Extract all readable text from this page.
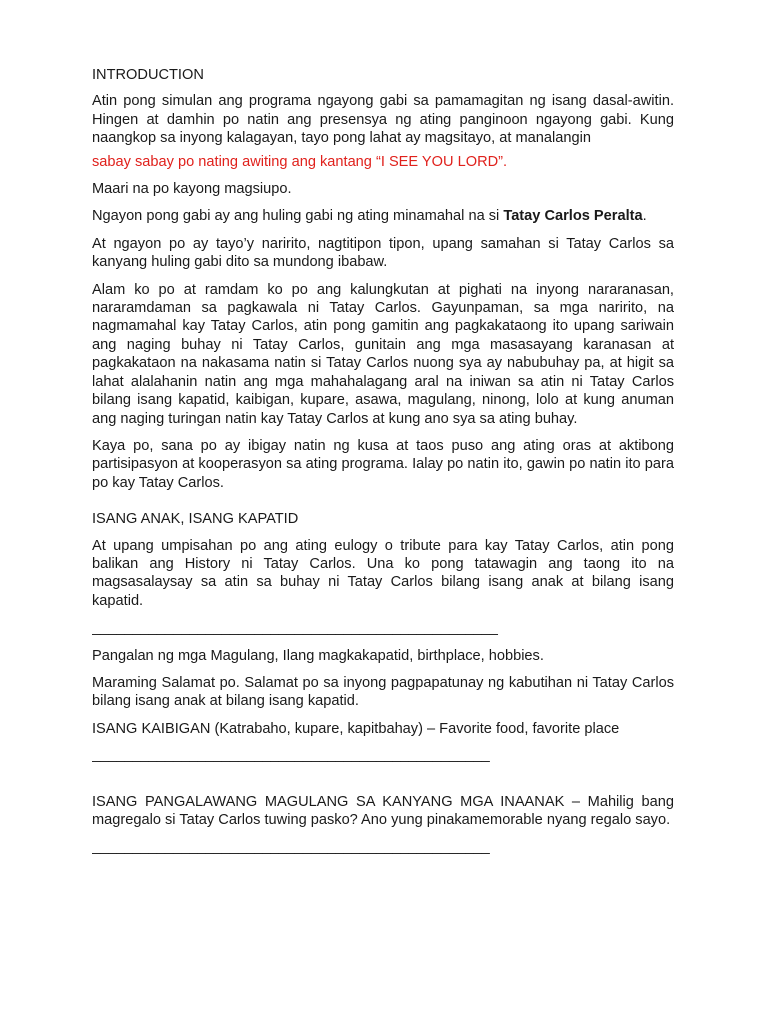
INTRODUCTION

Atin pong simulan ang programa ngayong gabi sa pamamagitan ng isang dasal-awitin. Hingen at damhin po natin ang presensya ng ating panginoon ngayong gabi. Kung naangkop sa inyong kalagayan, tayo pong lahat ay magsitayo, at manalangin

sabay sabay po nating awiting ang kantang “I SEE YOU LORD”.

Maari na po kayong magsiupo.

Ngayon pong gabi ay ang huling gabi ng ating minamahal na si Tatay Carlos Peralta.

At ngayon po ay tayo’y naririto, nagtitipon tipon, upang samahan si Tatay Carlos sa kanyang huling gabi dito sa mundong ibabaw.

Alam ko po at ramdam ko po ang kalungkutan at pighati na inyong nararanasan, nararamdaman sa pagkawala ni Tatay Carlos. Gayunpaman, sa mga naririto, na nagmamahal kay Tatay Carlos, atin pong gamitin ang pagkakataong ito upang sariwain ang naging buhay ni Tatay Carlos, gunitain ang mga masasayang karanasan at pagkakataon na nakasama natin si Tatay Carlos nuong sya ay nabubuhay pa, at higit sa lahat alalahanin natin ang mga mahahalagang aral na iniwan sa atin ni Tatay Carlos bilang isang kapatid, kaibigan, kupare, asawa, magulang, ninong, lolo at kung anuman ang naging turingan natin kay Tatay Carlos at kung ano sya sa ating buhay.

Kaya po, sana po ay ibigay natin ng kusa at taos puso ang ating oras at aktibong partisipasyon at kooperasyon sa ating programa. Ialay po natin ito, gawin po natin ito para po kay Tatay Carlos.

ISANG ANAK, ISANG KAPATID

At upang umpisahan po ang ating eulogy o tribute para kay Tatay Carlos, atin pong balikan ang History ni Tatay Carlos. Una ko pong tatawagin ang taong ito na magsasalaysay sa atin sa buhay ni Tatay Carlos bilang isang anak at bilang isang kapatid.

__________________________________________________

Pangalan ng mga Magulang, Ilang magkakapatid, birthplace, hobbies.

Maraming Salamat po. Salamat po sa inyong pagpapatunay ng kabutihan ni Tatay Carlos bilang isang anak at bilang isang kapatid.

ISANG KAIBIGAN (Katrabaho, kupare, kapitbahay) – Favorite food, favorite place

_________________________________________________

ISANG PANGALAWANG MAGULANG SA KANYANG MGA INAANAK – Mahilig bang magregalo si Tatay Carlos tuwing pasko? Ano yung pinakamemorable nyang regalo sayo.

_________________________________________________
